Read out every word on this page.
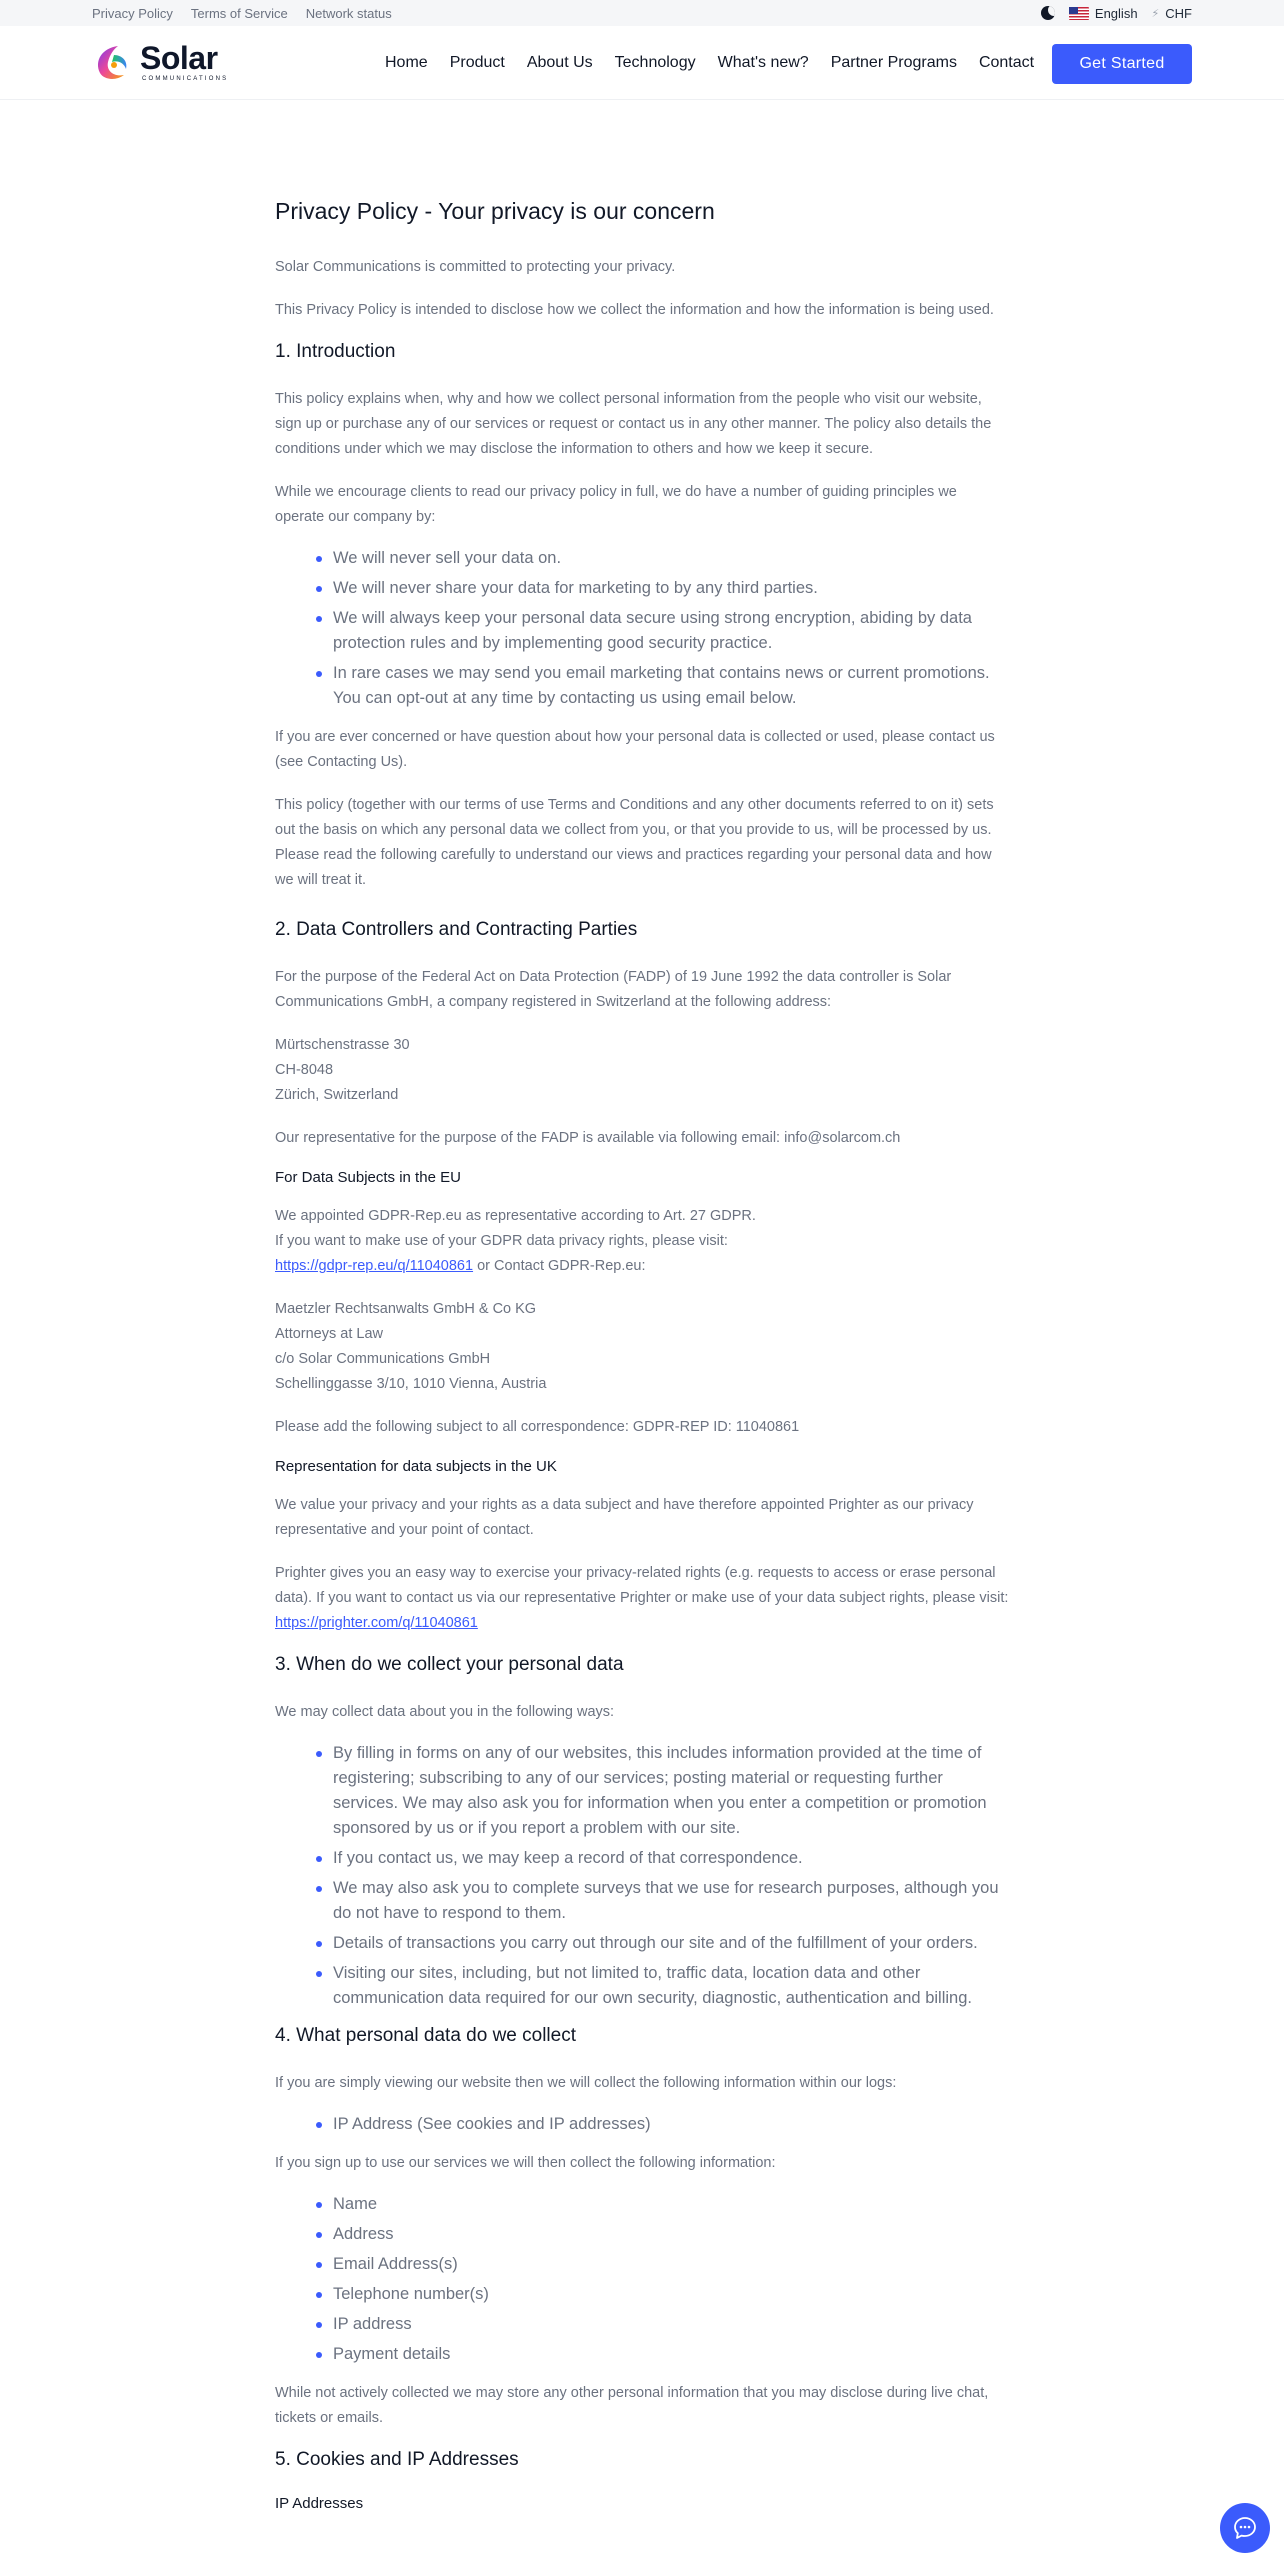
Privacy Policy Terms of Service Network status	English ⚡ CHF
Solar
COMMUNICATIONS
Home Product About Us Technology What's new? Partner Programs Contact	Get Started
Privacy Policy - Your privacy is our concern

Solar Communications is committed to protecting your privacy.

This Privacy Policy is intended to disclose how we collect the information and how the information is being used.

1. Introduction

This policy explains when, why and how we collect personal information from the people who visit our website, sign up or purchase any of our services or request or contact us in any other manner. The policy also details the conditions under which we may disclose the information to others and how we keep it secure.

While we encourage clients to read our privacy policy in full, we do have a number of guiding principles we operate our company by:

We will never sell your data on.
We will never share your data for marketing to by any third parties.
We will always keep your personal data secure using strong encryption, abiding by data protection rules and by implementing good security practice.
In rare cases we may send you email marketing that contains news or current promotions. You can opt-out at any time by contacting us using email below.

If you are ever concerned or have question about how your personal data is collected or used, please contact us (see Contacting Us).

This policy (together with our terms of use Terms and Conditions and any other documents referred to on it) sets out the basis on which any personal data we collect from you, or that you provide to us, will be processed by us. Please read the following carefully to understand our views and practices regarding your personal data and how we will treat it.

2. Data Controllers and Contracting Parties

For the purpose of the Federal Act on Data Protection (FADP) of 19 June 1992 the data controller is Solar Communications GmbH, a company registered in Switzerland at the following address:

Mürtschenstrasse 30
CH-8048
Zürich, Switzerland

Our representative for the purpose of the FADP is available via following email: info@solarcom.ch

For Data Subjects in the EU

We appointed GDPR-Rep.eu as representative according to Art. 27 GDPR.
If you want to make use of your GDPR data privacy rights, please visit:
https://gdpr-rep.eu/q/11040861 or Contact GDPR-Rep.eu:

Maetzler Rechtsanwalts GmbH & Co KG
Attorneys at Law
c/o Solar Communications GmbH
Schellinggasse 3/10, 1010 Vienna, Austria

Please add the following subject to all correspondence: GDPR-REP ID: 11040861

Representation for data subjects in the UK

We value your privacy and your rights as a data subject and have therefore appointed Prighter as our privacy representative and your point of contact.

Prighter gives you an easy way to exercise your privacy-related rights (e.g. requests to access or erase personal data). If you want to contact us via our representative Prighter or make use of your data subject rights, please visit: https://prighter.com/q/11040861

3. When do we collect your personal data

We may collect data about you in the following ways:

By filling in forms on any of our websites, this includes information provided at the time of registering; subscribing to any of our services; posting material or requesting further services. We may also ask you for information when you enter a competition or promotion sponsored by us or if you report a problem with our site.
If you contact us, we may keep a record of that correspondence.
We may also ask you to complete surveys that we use for research purposes, although you do not have to respond to them.
Details of transactions you carry out through our site and of the fulfillment of your orders.
Visiting our sites, including, but not limited to, traffic data, location data and other communication data required for our own security, diagnostic, authentication and billing.
4. What personal data do we collect

If you are simply viewing our website then we will collect the following information within our logs:

IP Address (See cookies and IP addresses)

If you sign up to use our services we will then collect the following information:

Name
Address
Email Address(s)
Telephone number(s)
IP address
Payment details

While not actively collected we may store any other personal information that you may disclose during live chat, tickets or emails.

5. Cookies and IP Addresses
IP Addresses
